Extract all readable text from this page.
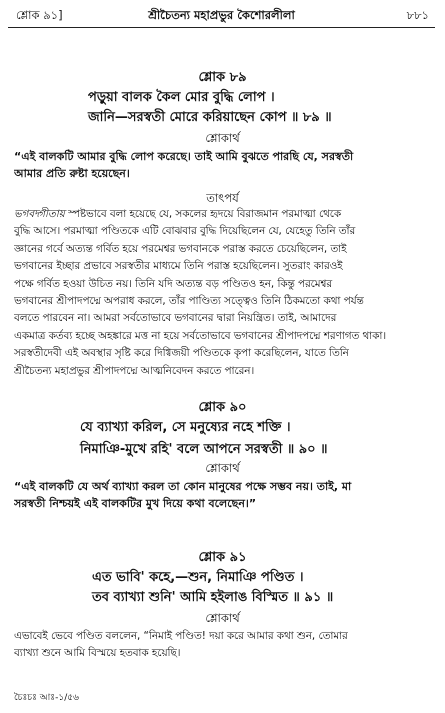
শ্লোক ৯১]	শ্রীচৈতন্য মহাপ্রভুর কৈশোরলীলা	৮৮১
শ্লোক ৮৯
পড়ুয়া বালক কৈল মোর বুদ্ধি লোপ ।
জানি—সরস্বতী মোরে করিয়াছেন কোপ ॥ ৮৯ ॥
শ্লোকার্থ
“এই বালকটি আমার বুদ্ধি লোপ করেছে। তাই আমি বুঝতে পারছি যে, সরস্বতী
আমার প্রতি রুষ্টা হয়েছেন।
তাৎপর্য
ভগবদ্গীতায় স্পষ্টভাবে বলা হয়েছে যে, সকলের হৃদয়ে বিরাজমান পরমাত্মা থেকে
বুদ্ধি আসে। পরমাত্মা পণ্ডিতকে এটি বোঝবার বুদ্ধি দিয়েছিলেন যে, যেহেতু তিনি তাঁর
জ্ঞানের গর্বে অত্যন্ত গর্বিত হয়ে পরমেশ্বর ভগবানকে পরাস্ত করতে চেয়েছিলেন, তাই
ভগবানের ইচ্ছার প্রভাবে সরস্বতীর মাধ্যমে তিনি পরাস্ত হয়েছিলেন। সুতরাং কারওই
পক্ষে গর্বিত হওয়া উচিত নয়। তিনি যদি অত্যন্ত বড় পণ্ডিতও হন, কিন্তু পরমেশ্বর
ভগবানের শ্রীপাদপদ্মে অপরাধ করলে, তাঁর পাণ্ডিত্য সত্ত্বেও তিনি ঠিকমতো কথা পর্যন্ত
বলতে পারবেন না। আমরা সর্বতোভাবে ভগবানের দ্বারা নিয়ন্ত্রিত। তাই, আমাদের
একমাত্র কর্তব্য হচ্ছে অহঙ্কারে মত্ত না হয়ে সর্বতোভাবে ভগবানের শ্রীপাদপদ্মে শরণাগত থাকা।
সরস্বতীদেবী এই অবস্থার সৃষ্টি করে দিগ্বিজয়ী পণ্ডিতকে কৃপা করেছিলেন, যাতে তিনি
শ্রীচৈতন্য মহাপ্রভুর শ্রীপাদপদ্মে আত্মনিবেদন করতে পারেন।
শ্লোক ৯০
যে ব্যাখ্যা করিল, সে মনুষ্যের নহে শক্তি ।
নিমাঞি-মুখে রহি' বলে আপনে সরস্বতী ॥ ৯০ ॥
শ্লোকার্থ
“এই বালকটি যে অর্থ ব্যাখ্যা করল তা কোন মানুষের পক্ষে সম্ভব নয়। তাই, মা
সরস্বতী নিশ্চয়ই এই বালকটির মুখ দিয়ে কথা বলেছেন।”
শ্লোক ৯১
এত ভাবি' কহে,—শুন, নিমাঞি পণ্ডিত ।
তব ব্যাখ্যা শুনি' আমি হইলাঙ বিস্মিত ॥ ৯১ ॥
শ্লোকার্থ
এভাবেই ভেবে পণ্ডিত বললেন, “নিমাই পণ্ডিত! দয়া করে আমার কথা শুন, তোমার
ব্যাখ্যা শুনে আমি বিস্ময়ে হতবাক হয়েছি।
চৈঃচঃ আঃ-১/৫৬
